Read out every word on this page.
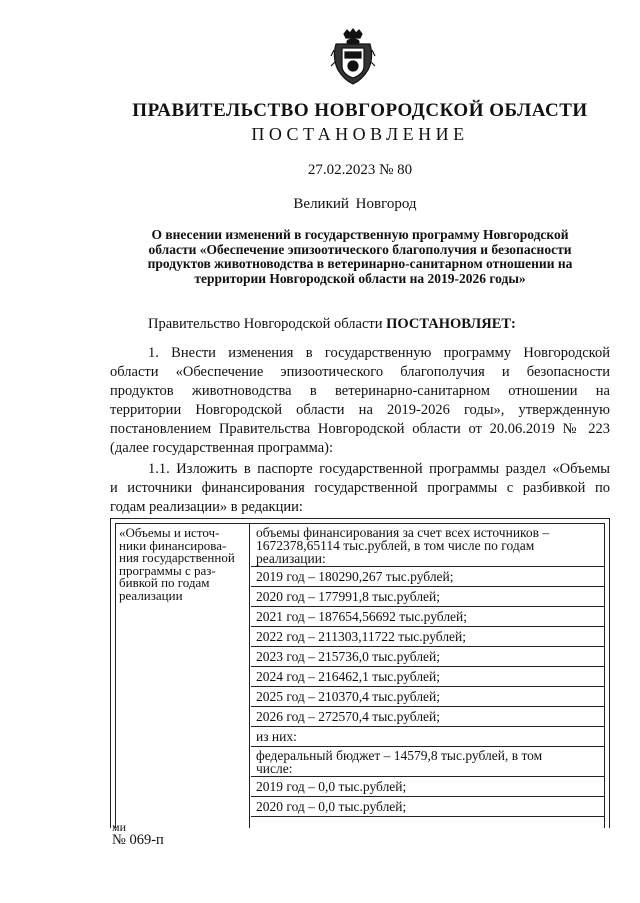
ПРАВИТЕЛЬСТВО НОВГОРОДСКОЙ ОБЛАСТИ
ПОСТАНОВЛЕНИЕ
27.02.2023 № 80
Великий Новгород
О внесении изменений в государственную программу Новгородской
области «Обеспечение эпизоотического благополучия и безопасности
продуктов животноводства в ветеринарно-санитарном отношении на
территории Новгородской области на 2019-2026 годы»
Правительство Новгородской области ПОСТАНОВЛЯЕТ:
1. Внести изменения в государственную программу Новгородской
области «Обеспечение эпизоотического благополучия и безопасности
продуктов животноводства в ветеринарно-санитарном отношении на
территории Новгородской области на 2019-2026 годы», утвержденную
постановлением Правительства Новгородской области от 20.06.2019 № 223
(далее государственная программа):
1.1. Изложить в паспорте государственной программы раздел «Объемы
и источники финансирования государственной программы с разбивкой по
годам реализации» в редакции:
«Объемы и источ-
ники финансирова-
ния государственной
программы с раз-
бивкой по годам
реализации
объемы финансирования за счет всех источников –
1672378,65114 тыс.рублей, в том числе по годам
реализации:
2019 год – 180290,267 тыс.рублей;
2020 год – 177991,8 тыс.рублей;
2021 год – 187654,56692 тыс.рублей;
2022 год – 211303,11722 тыс.рублей;
2023 год – 215736,0 тыс.рублей;
2024 год – 216462,1 тыс.рублей;
2025 год – 210370,4 тыс.рублей;
2026 год – 272570,4 тыс.рублей;
из них:
федеральный бюджет – 14579,8 тыс.рублей, в том
числе:
2019 год – 0,0 тыс.рублей;
2020 год – 0,0 тыс.рублей;
ми
№ 069-п
